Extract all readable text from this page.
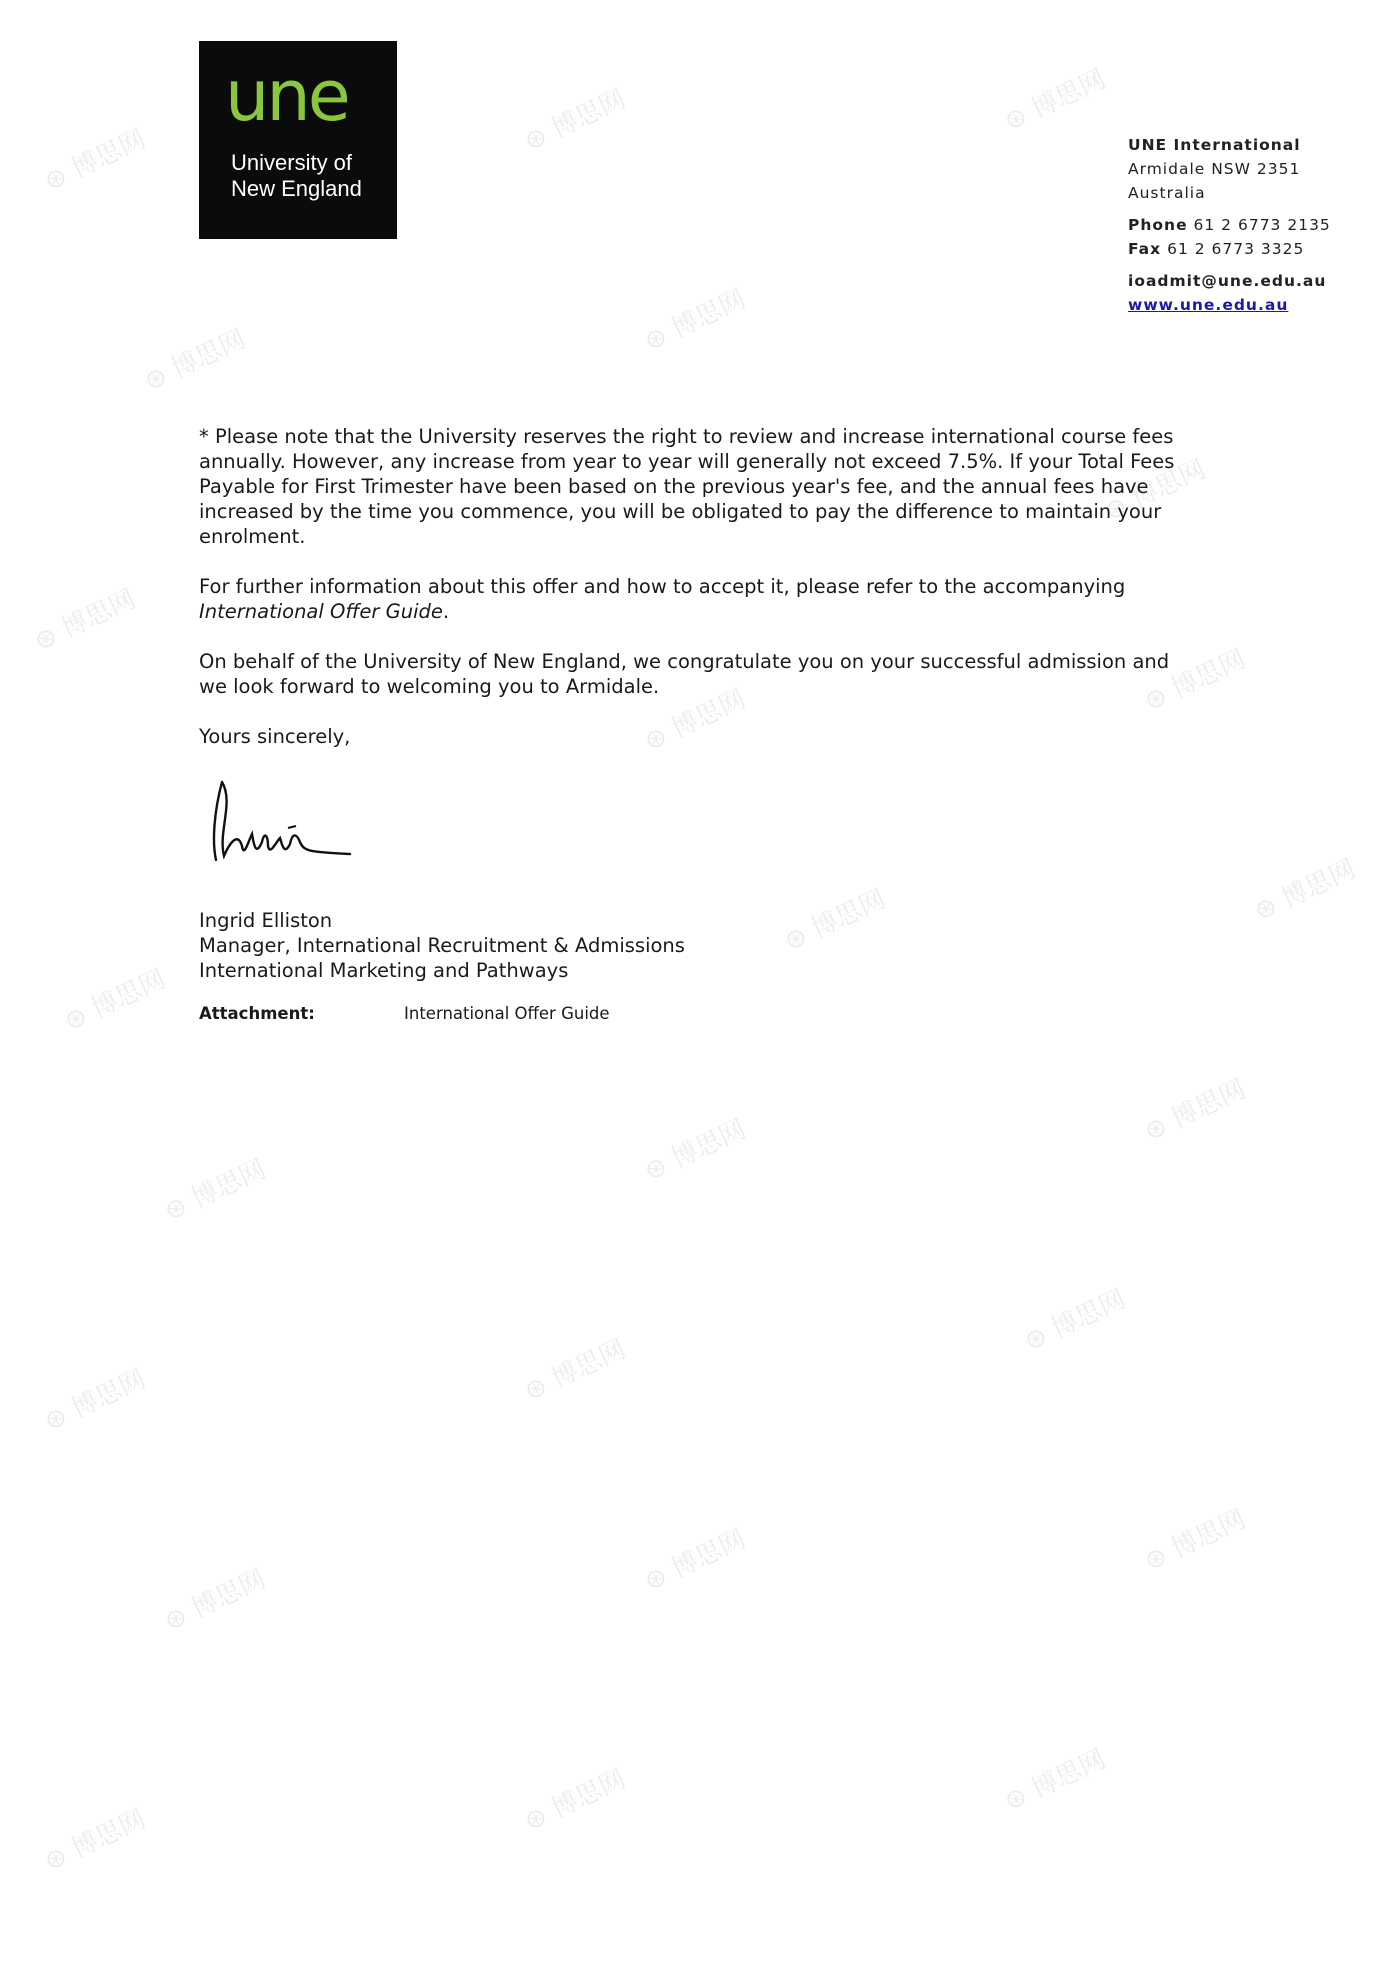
⊛ 博思网
⊛ 博思网	⊛ 博思网
⊛ 博思网
⊛ 博思网
⊛ 博思网
⊛ 博思网
⊛ 博思网
⊛ 博思网
⊛ 博思网
⊛ 博思网	⊛ 博思网
⊛ 博思网
⊛ 博思网
⊛ 博思网
⊛ 博思网	⊛ 博思网
⊛ 博思网
⊛ 博思网
⊛ 博思网	⊛ 博思网
⊛ 博思网
⊛ 博思网	⊛ 博思网
une
University of
New England
UNE International
Armidale NSW 2351
Australia
Phone 61 2 6773 2135
Fax 61 2 6773 3325
ioadmit@une.edu.au
www.une.edu.au

* Please note that the University reserves the right to review and increase international course fees annually. However, any increase from year to year will generally not exceed 7.5%. If your Total Fees Payable for First Trimester have been based on the previous year's fee, and the annual fees have increased by the time you commence, you will be obligated to pay the difference to maintain your enrolment.

For further information about this offer and how to accept it, please refer to the accompanying International Offer Guide.

On behalf of the University of New England, we congratulate you on your successful admission and we look forward to welcoming you to Armidale.

Yours sincerely,

Ingrid Elliston
Manager, International Recruitment & Admissions
International Marketing and Pathways
Attachment:	International Offer Guide
